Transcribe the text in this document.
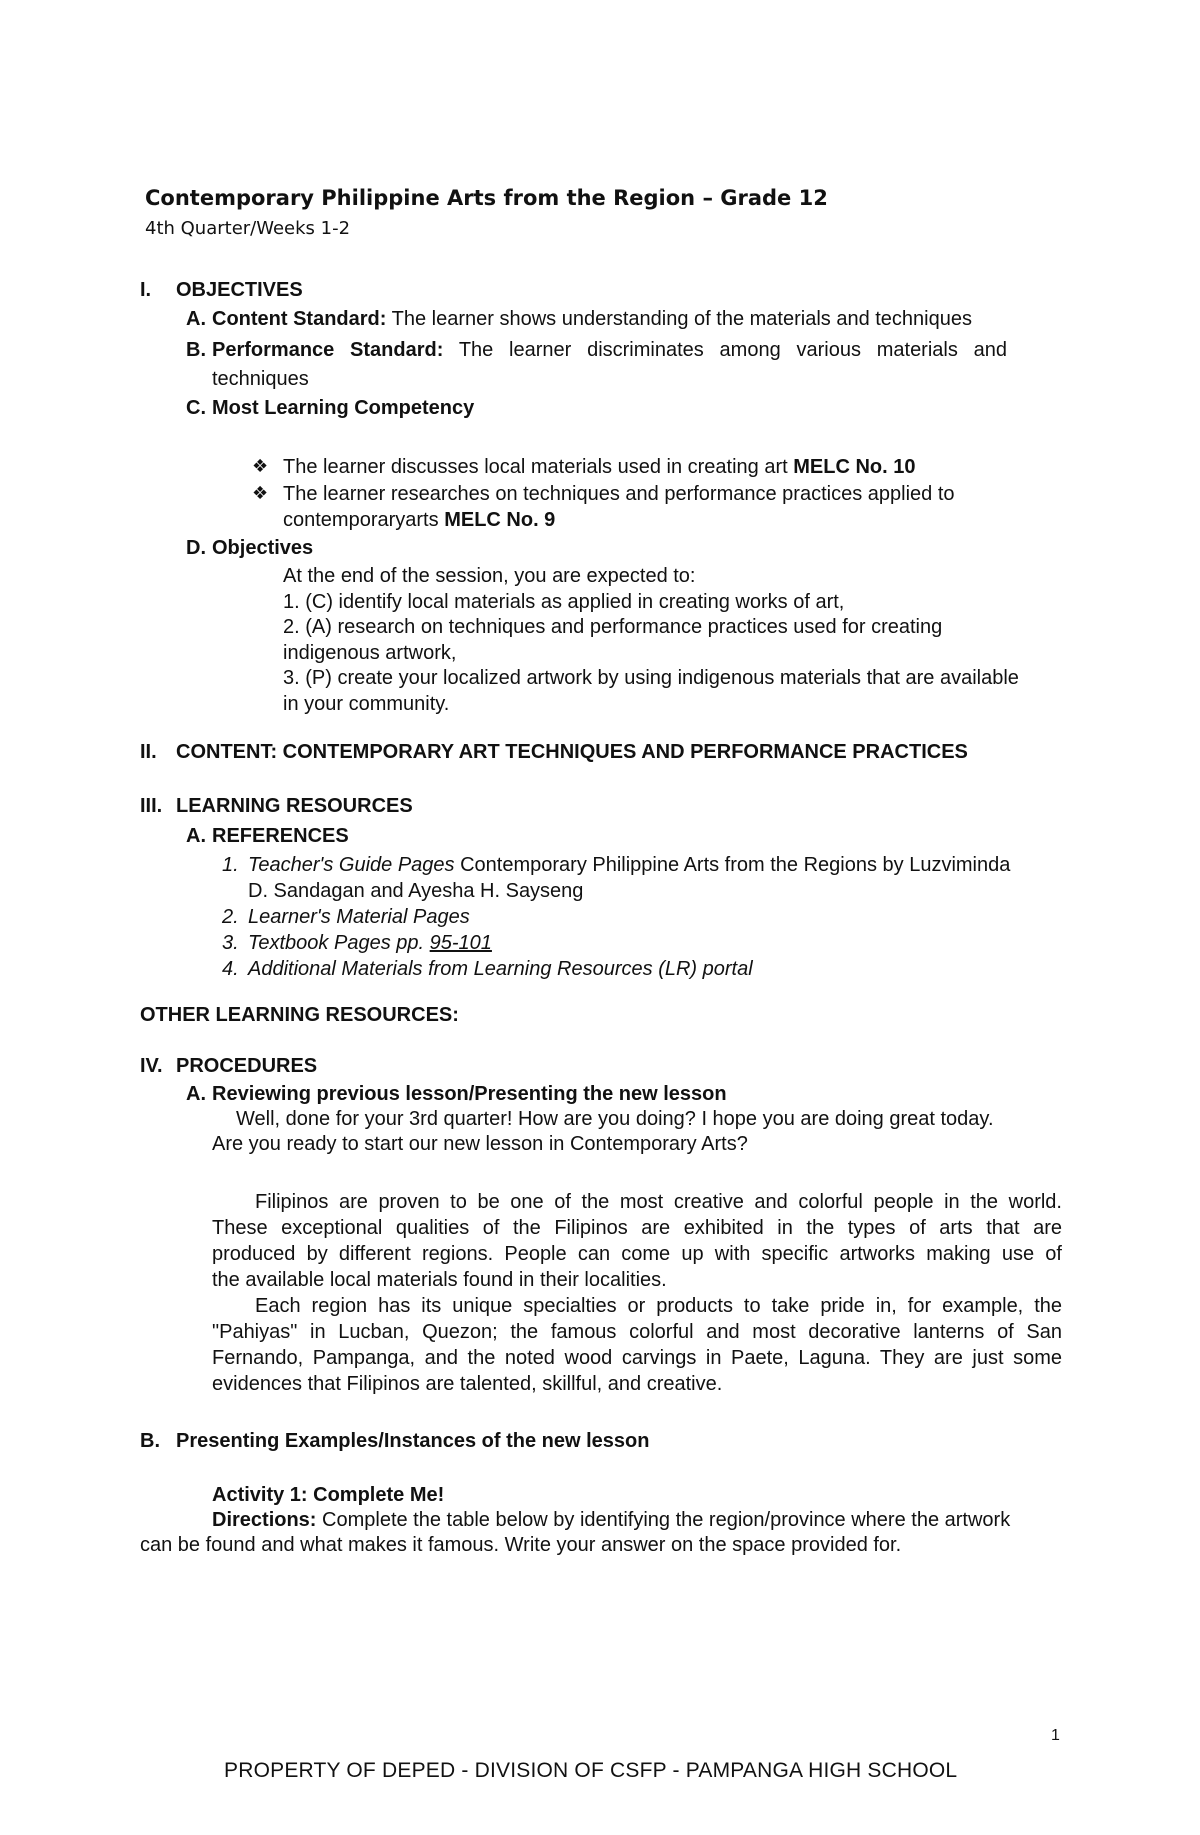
Contemporary Philippine Arts from the Region – Grade 12
4th Quarter/Weeks 1-2
I. OBJECTIVES
A. Content Standard: The learner shows understanding of the materials and techniques
B. Performance Standard: The learner discriminates among various materials and
techniques
C. Most Learning Competency
❖ The learner discusses local materials used in creating art MELC No. 10
❖ The learner researches on techniques and performance practices applied to
contemporaryarts MELC No. 9
D. Objectives
At the end of the session, you are expected to:
1. (C) identify local materials as applied in creating works of art,
2. (A) research on techniques and performance practices used for creating
indigenous artwork,
3. (P) create your localized artwork by using indigenous materials that are available
in your community.
II. CONTENT: CONTEMPORARY ART TECHNIQUES AND PERFORMANCE PRACTICES
III. LEARNING RESOURCES
A. REFERENCES
1. Teacher's Guide Pages Contemporary Philippine Arts from the Regions by Luzviminda
D. Sandagan and Ayesha H. Sayseng
2. Learner's Material Pages
3. Textbook Pages pp. 95-101
4. Additional Materials from Learning Resources (LR) portal
OTHER LEARNING RESOURCES:
IV. PROCEDURES
A. Reviewing previous lesson/Presenting the new lesson
Well, done for your 3rd quarter! How are you doing? I hope you are doing great today.
Are you ready to start our new lesson in Contemporary Arts?
Filipinos are proven to be one of the most creative and colorful people in the world.
These exceptional qualities of the Filipinos are exhibited in the types of arts that are
produced by different regions. People can come up with specific artworks making use of
the available local materials found in their localities.
Each region has its unique specialties or products to take pride in, for example, the
"Pahiyas" in Lucban, Quezon; the famous colorful and most decorative lanterns of San
Fernando, Pampanga, and the noted wood carvings in Paete, Laguna. They are just some
evidences that Filipinos are talented, skillful, and creative.
B. Presenting Examples/Instances of the new lesson
Activity 1: Complete Me!
Directions: Complete the table below by identifying the region/province where the artwork
can be found and what makes it famous. Write your answer on the space provided for.
1
PROPERTY OF DEPED - DIVISION OF CSFP - PAMPANGA HIGH SCHOOL
